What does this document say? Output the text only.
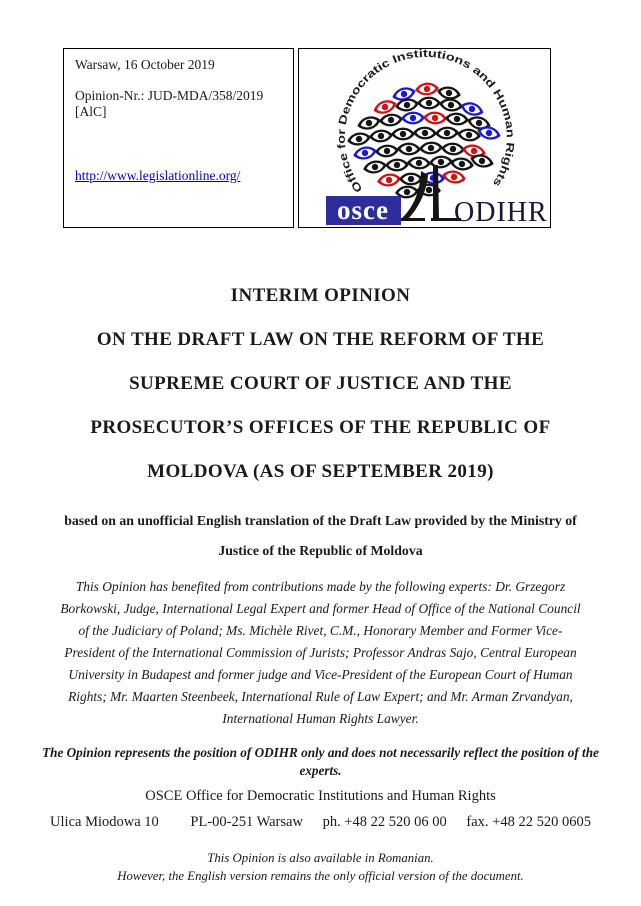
Warsaw, 16 October 2019
Opinion-Nr.: JUD-MDA/358/2019 [AlC]
http://www.legislationline.org/
Office for Democratic Institutions and Human Rights
osce ODIHR
INTERIM OPINION
ON THE DRAFT LAW ON THE REFORM OF THE
SUPREME COURT OF JUSTICE AND THE
PROSECUTOR’S OFFICES OF THE REPUBLIC OF
MOLDOVA (AS OF SEPTEMBER 2019)
based on an unofficial English translation of the Draft Law provided by the Ministry of Justice of the Republic of Moldova
This Opinion has benefited from contributions made by the following experts: Dr. Grzegorz Borkowski, Judge, International Legal Expert and former Head of Office of the National Council of the Judiciary of Poland; Ms. Michèle Rivet, C.M., Honorary Member and Former Vice-President of the International Commission of Jurists; Professor Andras Sajo, Central European University in Budapest and former judge and Vice-President of the European Court of Human Rights; Mr. Maarten Steenbeek, International Rule of Law Expert; and Mr. Arman Zrvandyan, International Human Rights Lawyer.
The Opinion represents the position of ODIHR only and does not necessarily reflect the position of the experts.
OSCE Office for Democratic Institutions and Human Rights
Ulica Miodowa 10 PL-00-251 Warsaw ph. +48 22 520 06 00 fax. +48 22 520 0605
This Opinion is also available in Romanian.
However, the English version remains the only official version of the document.
